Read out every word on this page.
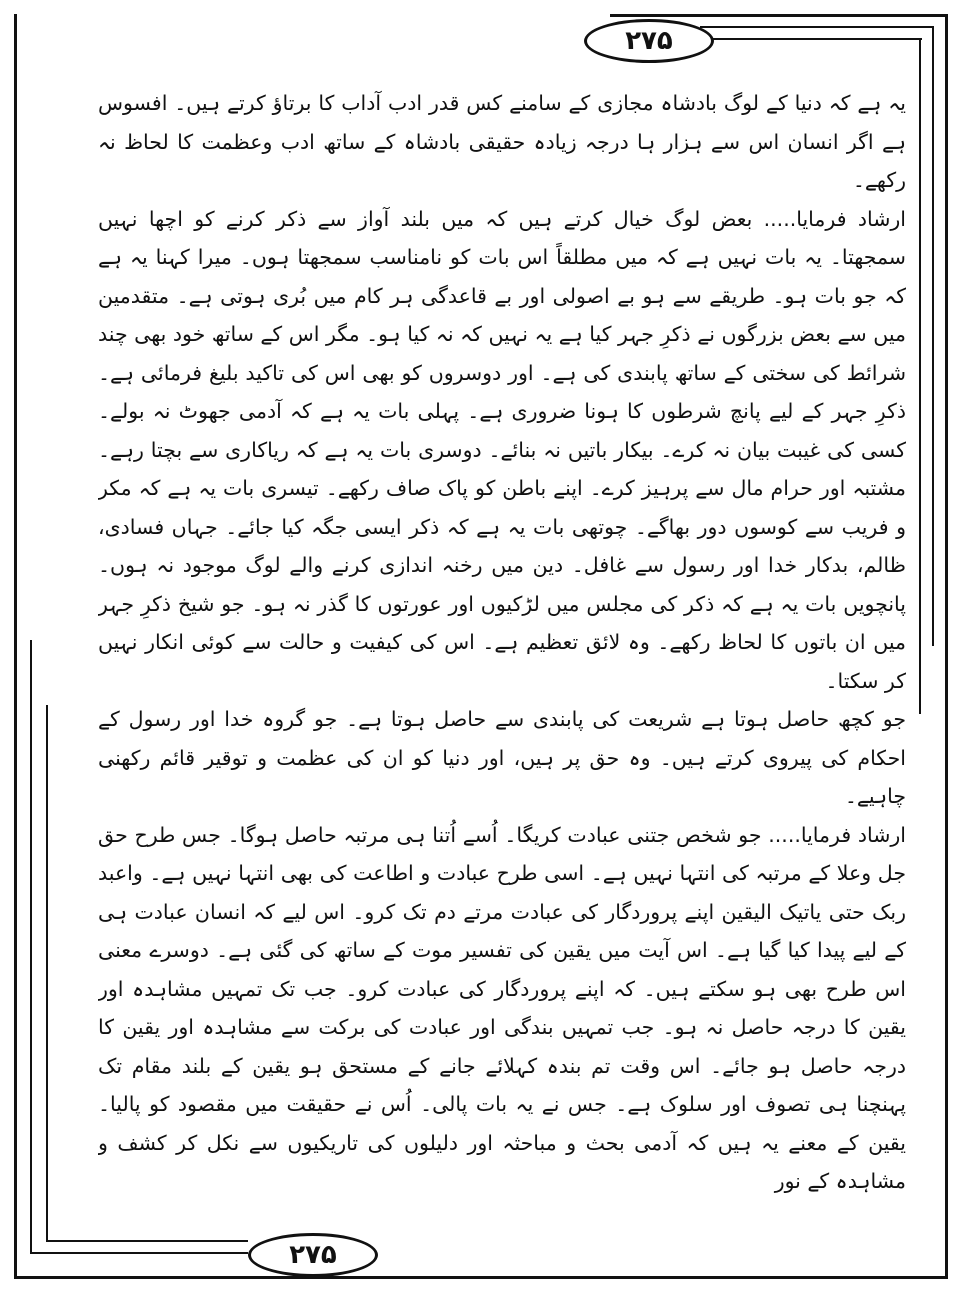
۲۷۵

یہ ہے کہ دنیا کے لوگ بادشاہ مجازی کے سامنے کس قدر ادب آداب کا برتاؤ کرتے ہیں۔ افسوس ہے اگر انسان اس سے ہزار ہا درجہ زیادہ حقیقی بادشاہ کے ساتھ ادب وعظمت کا لحاظ نہ رکھے۔

ارشاد فرمایا..... بعض لوگ خیال کرتے ہیں کہ میں بلند آواز سے ذکر کرنے کو اچھا نہیں سمجھتا۔ یہ بات نہیں ہے کہ میں مطلقاً اس بات کو نامناسب سمجھتا ہوں۔ میرا کہنا یہ ہے کہ جو بات ہو۔ طریقے سے ہو بے اصولی اور بے قاعدگی ہر کام میں بُری ہوتی ہے۔ متقدمین میں سے بعض بزرگوں نے ذکرِ جہر کیا ہے یہ نہیں کہ نہ کیا ہو۔ مگر اس کے ساتھ خود بھی چند شرائط کی سختی کے ساتھ پابندی کی ہے۔ اور دوسروں کو بھی اس کی تاکید بلیغ فرمائی ہے۔ ذکرِ جہر کے لیے پانچ شرطوں کا ہونا ضروری ہے۔ پہلی بات یہ ہے کہ آدمی جھوٹ نہ بولے۔ کسی کی غیبت بیان نہ کرے۔ بیکار باتیں نہ بنائے۔ دوسری بات یہ ہے کہ ریاکاری سے بچتا رہے۔ مشتبہ اور حرام مال سے پرہیز کرے۔ اپنے باطن کو پاک صاف رکھے۔ تیسری بات یہ ہے کہ مکر و فریب سے کوسوں دور بھاگے۔ چوتھی بات یہ ہے کہ ذکر ایسی جگہ کیا جائے۔ جہاں فسادی، ظالم، بدکار خدا اور رسول سے غافل۔ دین میں رخنہ اندازی کرنے والے لوگ موجود نہ ہوں۔ پانچویں بات یہ ہے کہ ذکر کی مجلس میں لڑکیوں اور عورتوں کا گذر نہ ہو۔ جو شیخ ذکرِ جہر میں ان باتوں کا لحاظ رکھے۔ وہ لائق تعظیم ہے۔ اس کی کیفیت و حالت سے کوئی انکار نہیں کر سکتا۔

جو کچھ حاصل ہوتا ہے شریعت کی پابندی سے حاصل ہوتا ہے۔ جو گروہ خدا اور رسول کے احکام کی پیروی کرتے ہیں۔ وہ حق پر ہیں، اور دنیا کو ان کی عظمت و توقیر قائم رکھنی چاہیے۔

ارشاد فرمایا..... جو شخص جتنی عبادت کریگا۔ اُسے اُتنا ہی مرتبہ حاصل ہوگا۔ جس طرح حق جل وعلا کے مرتبہ کی انتہا نہیں ہے۔ اسی طرح عبادت و اطاعت کی بھی انتہا نہیں ہے۔ واعبد ربک حتی یاتیک الیقین اپنے پروردگار کی عبادت مرتے دم تک کرو۔ اس لیے کہ انسان عبادت ہی کے لیے پیدا کیا گیا ہے۔ اس آیت میں یقین کی تفسیر موت کے ساتھ کی گئی ہے۔ دوسرے معنی اس طرح بھی ہو سکتے ہیں۔ کہ اپنے پروردگار کی عبادت کرو۔ جب تک تمہیں مشاہدہ اور یقین کا درجہ حاصل نہ ہو۔ جب تمہیں بندگی اور عبادت کی برکت سے مشاہدہ اور یقین کا درجہ حاصل ہو جائے۔ اس وقت تم بندہ کہلائے جانے کے مستحق ہو یقین کے بلند مقام تک پہنچنا ہی تصوف اور سلوک ہے۔ جس نے یہ بات پالی۔ اُس نے حقیقت میں مقصود کو پالیا۔ یقین کے معنے یہ ہیں کہ آدمی بحث و مباحثہ اور دلیلوں کی تاریکیوں سے نکل کر کشف و مشاہدہ کے نور

۲۷۵
